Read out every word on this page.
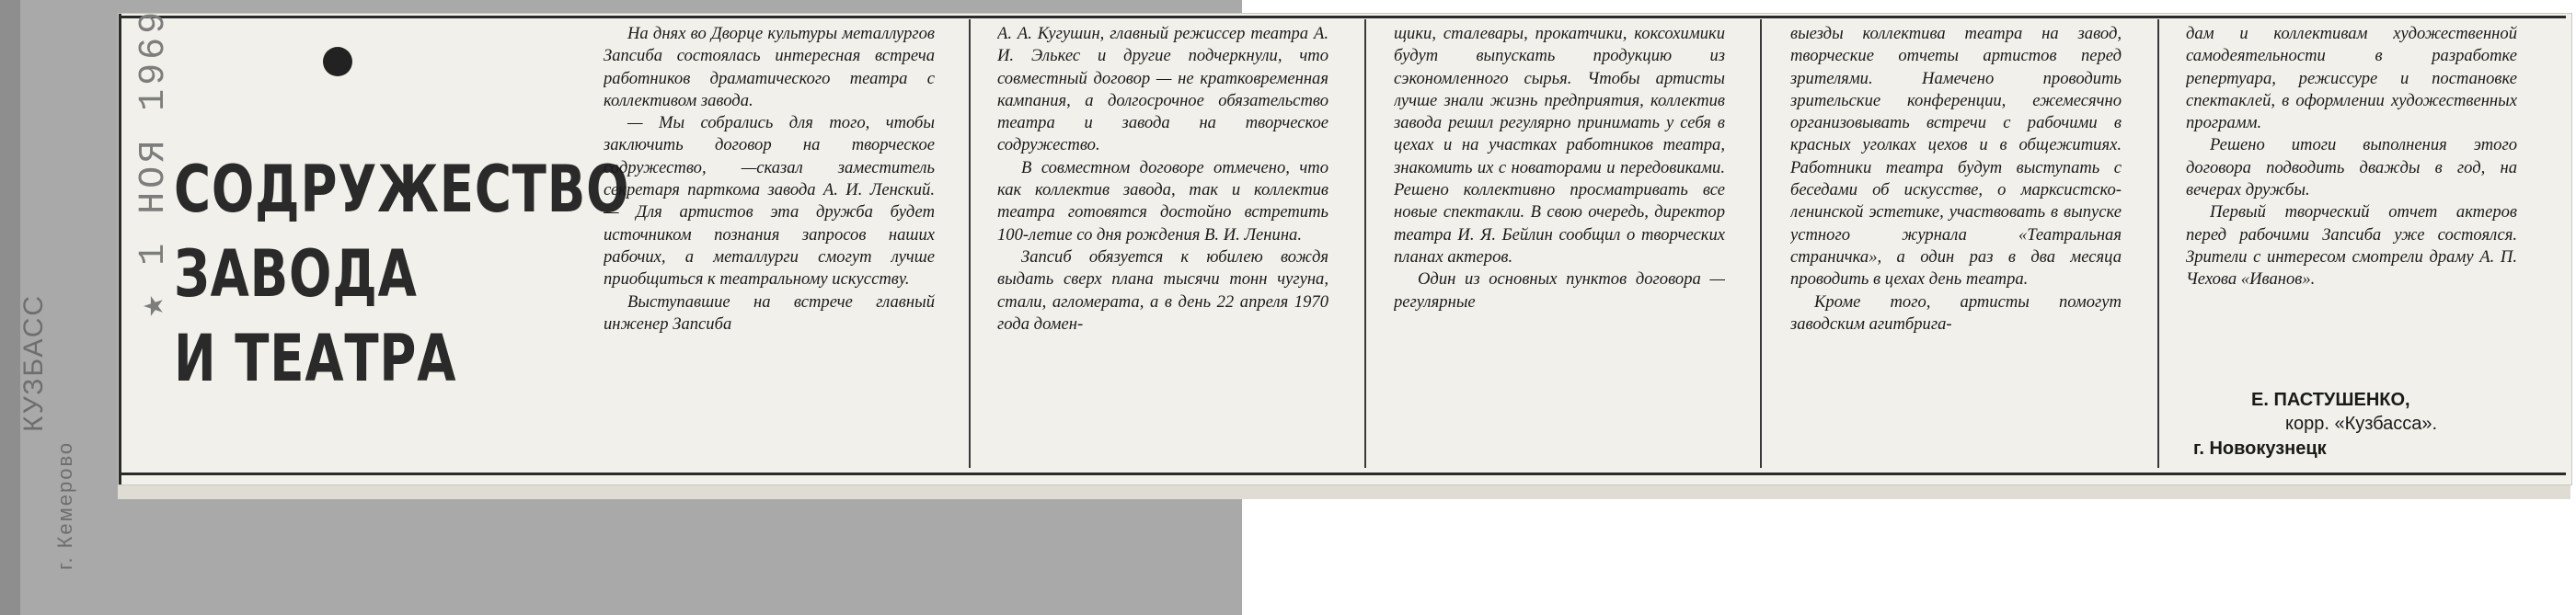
КУЗБАСС
г. Кемерово
★ 1 НОЯ 1969 СОДРУЖЕСТВО
ЗАВОДА
И ТЕАТРА

На днях во Дворце культуры металлургов Запсиба состоялась интересная встреча работников драматического театра с коллективом завода.

— Мы собрались для того, чтобы заключить договор на творческое содружество, —сказал заместитель секретаря парткома завода А. И. Ленский. — Для артистов эта дружба будет источником познания запросов наших рабочих, а металлурги смогут лучше приобщиться к театральному искусству.

Выступавшие на встрече главный инженер Запсиба

А. А. Кугушин, главный режиссер театра А. И. Элькес и другие подчеркнули, что совместный договор — не кратковременная кампания, а долгосрочное обязательство театра и завода на творческое содружество.

В совместном договоре отмечено, что как коллектив завода, так и коллектив театра готовятся достойно встретить 100-летие со дня рождения В. И. Ленина.

Запсиб обязуется к юбилею вождя выдать сверх плана тысячи тонн чугуна, стали, агломерата, а в день 22 апреля 1970 года домен-

щики, сталевары, прокатчики, коксохимики будут выпускать продукцию из сэкономленного сырья. Чтобы артисты лучше знали жизнь предприятия, коллектив завода решил регулярно принимать у себя в цехах и на участках работников театра, знакомить их с новаторами и передовиками. Решено коллективно просматривать все новые спектакли. В свою очередь, директор театра И. Я. Бейлин сообщил о творческих планах актеров.

Один из основных пунктов договора — регулярные

выезды коллектива театра на завод, творческие отчеты артистов перед зрителями. Намечено проводить зрительские конференции, ежемесячно организовывать встречи с рабочими в красных уголках цехов и в общежитиях. Работники театра будут выступать с беседами об искусстве, о марксистско-ленинской эстетике, участвовать в выпуске устного журнала «Театральная страничка», а один раз в два месяца проводить в цехах день театра.

Кроме того, артисты помогут заводским агитбрига-

дам и коллективам художественной самодеятельности в разработке репертуара, режиссуре и постановке спектаклей, в оформлении художественных программ.

Решено итоги выполнения этого договора подводить дважды в год, на вечерах дружбы.

Первый творческий отчет актеров перед рабочими Запсиба уже состоялся. Зрители с интересом смотрели драму А. П. Чехова «Иванов».

Е. ПАСТУШЕНКО,
корр. «Кузбасса».
г. Новокузнецк
